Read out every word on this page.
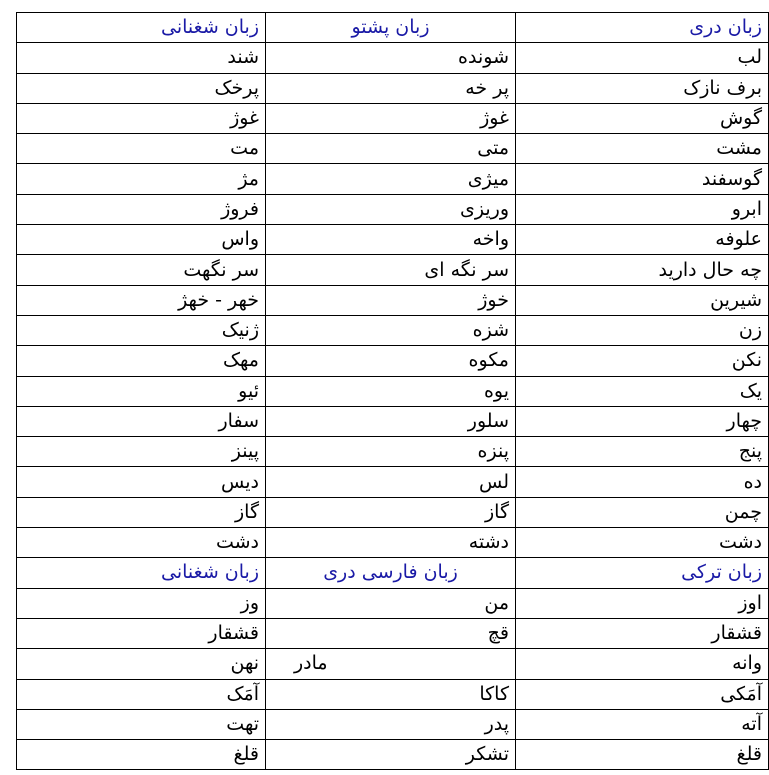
زبان دری	زبان پشتو	زبان شغنانی
لب	شونده	شند
برف نازک	پر خه	پرخک
گوش	غوژ	غوژ
مشت	متی	مت
گوسفند	میژی	مژ
ابرو	وریزی	فروژ
علوفه	واخه	واس
چه حال دارید	سر نگه ای	سر نگهت
شیرین	خوژ	خهر - خهژ
زن	شزه	ژنیک
نکن	مکوه	مهک
یک	یوه	ئیو
چهار	سلور	سفار
پنج	پنزه	پینز
ده	لس	دیس
چمن	گاز	گاز
دشت	دشته	دشت
زبان ترکی	زبان فارسی دری	زبان شغنانی
اوز	من	وز
قشقار	قچ	قشقار
وانه	مادر	نهن
آمَکی	کاکا	آمَک
آته	پدر	تهت
قلغ	تشکر	قلغ
